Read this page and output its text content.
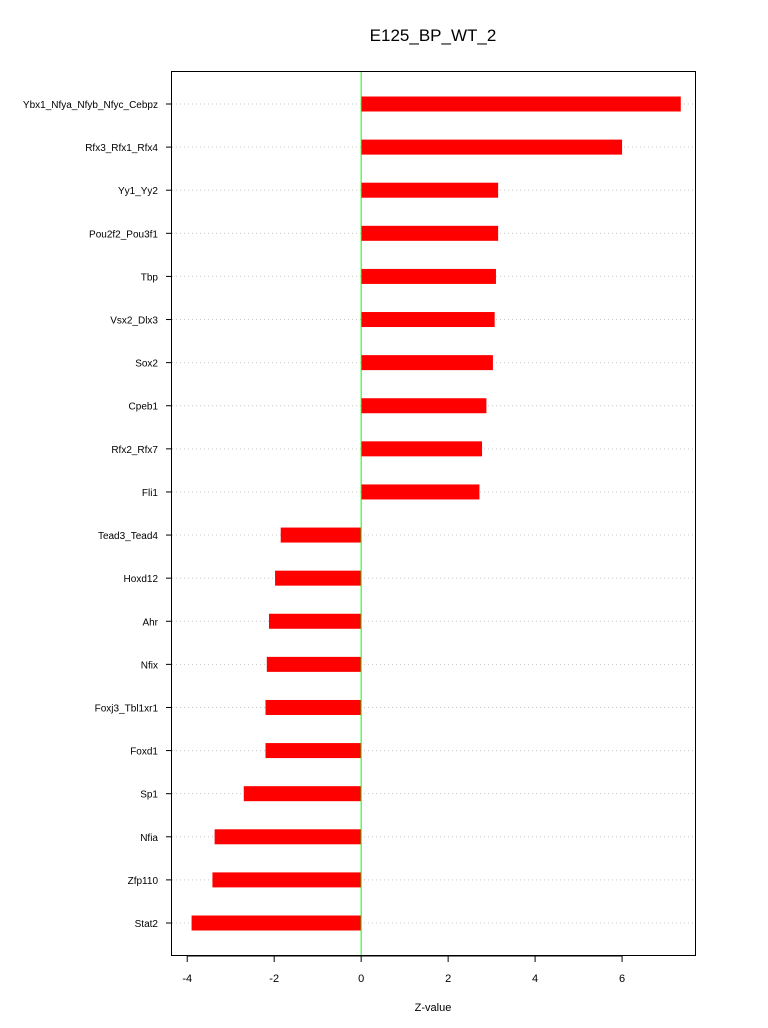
E125_BP_WT_2
-4	-2	0	2	4	6
Ybx1_Nfya_Nfyb_Nfyc_Cebpz
Rfx3_Rfx1_Rfx4
Yy1_Yy2
Pou2f2_Pou3f1
Tbp
Vsx2_Dlx3
Sox2
Cpeb1
Rfx2_Rfx7
Fli1
Tead3_Tead4
Hoxd12
Ahr
Nfix
Foxj3_Tbl1xr1
Foxd1
Sp1
Nfia
Zfp110
Stat2
Z-value
